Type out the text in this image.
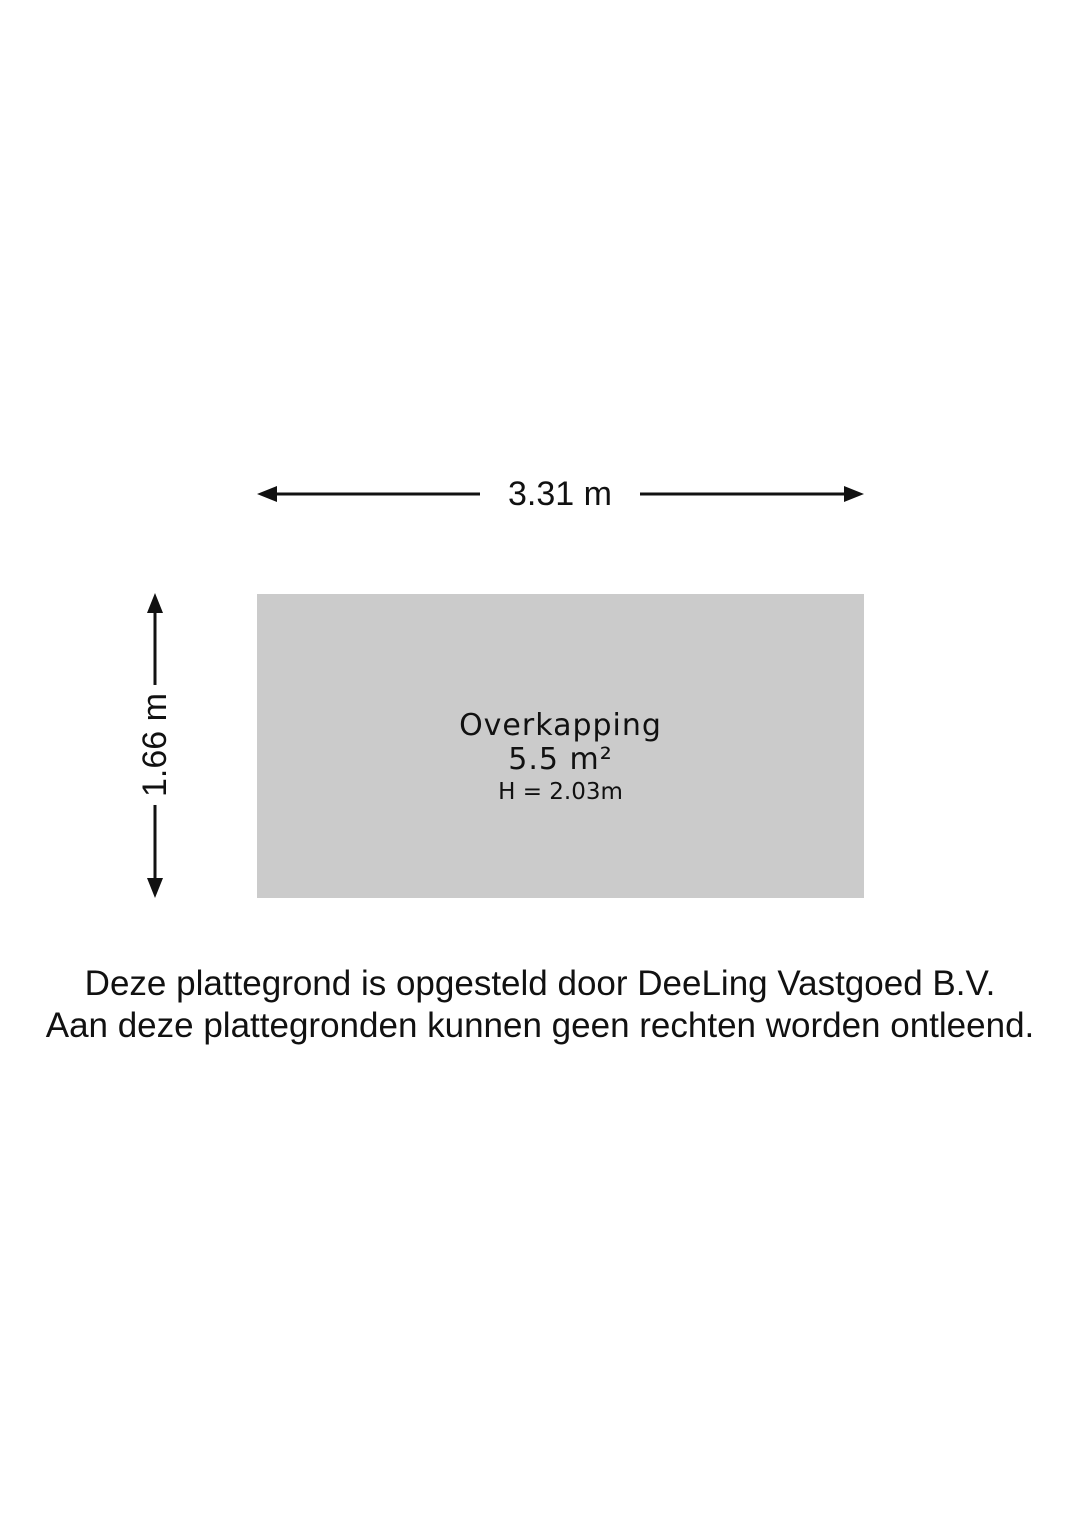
3.31 m
1.66 m	Overkapping
5.5 m²
H = 2.03m
Deze plattegrond is opgesteld door DeeLing Vastgoed B.V.
Aan deze plattegronden kunnen geen rechten worden ontleend.
